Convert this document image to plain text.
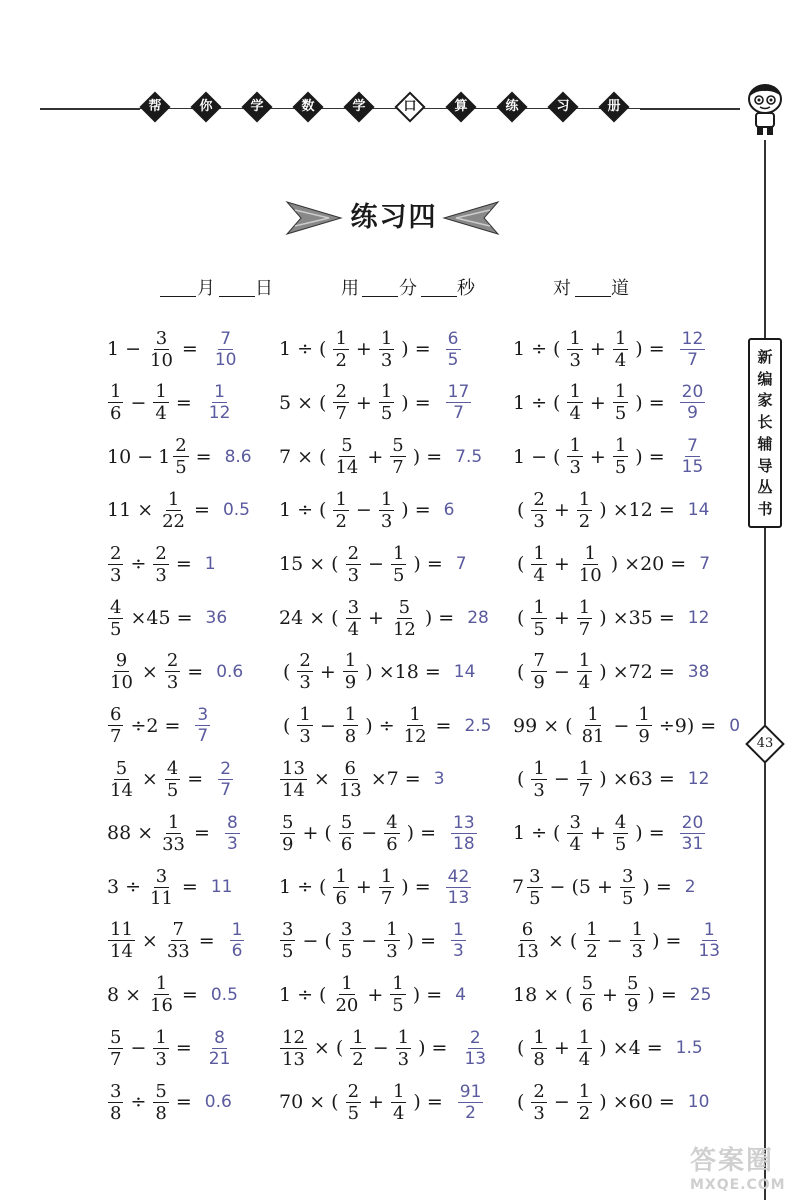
帮	你	学	数	学	口	算	练	习	册
新
编
家
长
辅
导
丛
书
43
练习四
月 日	用 分 秒	对 道
$1 - \frac{3}{10} = \frac{7}{10}$
$\frac{1}{6} - \frac{1}{4} = \frac{1}{12}$
$10 - 1 \frac{2}{5} = 8.6$
$11 \times \frac{1}{22} = 0.5$
$\frac{2}{3} \div \frac{2}{3} = 1$
$\frac{4}{5} \times 45 = 36$
$\frac{9}{10} \times \frac{2}{3} = 0.6$
$\frac{6}{7} \div 2 = \frac{3}{7}$
$\frac{5}{14} \times \frac{4}{5} = \frac{2}{7}$
$88 \times \frac{1}{33} = \frac{8}{3}$
$3 \div \frac{3}{11} = 11$
$\frac{11}{14} \times \frac{7}{33} = \frac{1}{6}$
$8 \times \frac{1}{16} = 0.5$
$\frac{5}{7} - \frac{1}{3} = \frac{8}{21}$
$\frac{3}{8} \div \frac{5}{8} = 0.6$
1 ÷ ( $\frac{1}{2} + \frac{1}{3}$ ) = $\frac{6}{5}$
5 × ( $\frac{2}{7} + \frac{1}{5}$ ) = $\frac{17}{7}$
7 × ( $\frac{5}{14} + \frac{5}{7}$ ) = 7.5
1 ÷ ( $\frac{1}{2} - \frac{1}{3}$ ) = 6
15 × ( $\frac{2}{3} - \frac{1}{5}$ ) = 7
24 × ( $\frac{3}{4} + \frac{5}{12}$ ) = 28
( $\frac{2}{3} + \frac{1}{9}$ ) ×18 = 14
( $\frac{1}{3} - \frac{1}{8}$ ) ÷ $\frac{1}{12} = 2.5$
$\frac{13}{14} \times \frac{6}{13} \times 7 = 3$
$\frac{5}{9}$ + ( $\frac{5}{6} - \frac{4}{6}$ ) = $\frac{13}{18}$
1 ÷ ( $\frac{1}{6} + \frac{1}{7}$ ) = $\frac{42}{13}$
$\frac{3}{5}$ − ( $\frac{3}{5} - \frac{1}{3}$ ) = $\frac{1}{3}$
1 ÷ ( $\frac{1}{20} + \frac{1}{5}$ ) = 4
$\frac{12}{13}$ × ( $\frac{1}{2} - \frac{1}{3}$ ) = $\frac{2}{13}$
70 × ( $\frac{2}{5} + \frac{1}{4}$ ) = $\frac{91}{2}$
1 ÷ ( $\frac{1}{3} + \frac{1}{4}$ ) = $\frac{12}{7}$
1 ÷ ( $\frac{1}{4} + \frac{1}{5}$ ) = $\frac{20}{9}$
1 − ( $\frac{1}{3} + \frac{1}{5}$ ) = $\frac{7}{15}$
( $\frac{2}{3} + \frac{1}{2}$ ) ×12 = 14
( $\frac{1}{4} + \frac{1}{10}$ ) ×20 = 7
( $\frac{1}{5} + \frac{1}{7}$ ) ×35 = 12
( $\frac{7}{9} - \frac{1}{4}$ ) ×72 = 38
99 × ( $\frac{1}{81} - \frac{1}{9} \div 9) = 0$
( $\frac{1}{3} - \frac{1}{7}$ ) ×63 = 12
1 ÷ ( $\frac{3}{4} + \frac{4}{5}$ ) = $\frac{20}{31}$
$7 \frac{3}{5} - (5 + \frac{3}{5}$ ) = 2
$\frac{6}{13}$ × ( $\frac{1}{2} - \frac{1}{3}$ ) = $\frac{1}{13}$
18 × ( $\frac{5}{6} + \frac{5}{9}$ ) = 25
( $\frac{1}{8} + \frac{1}{4}$ ) ×4 = 1.5
( $\frac{2}{3} - \frac{1}{2}$ ) ×60 = 10
答案圈
MXQE.COM
